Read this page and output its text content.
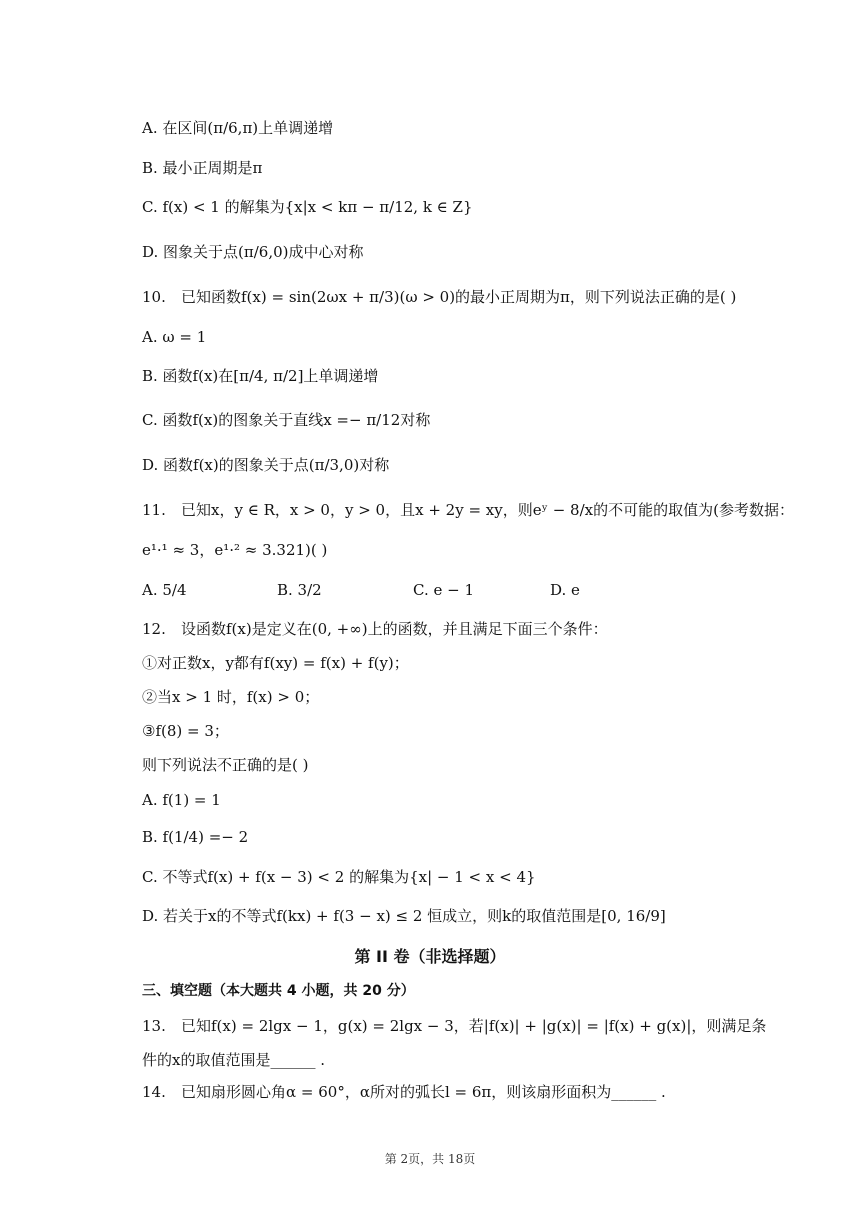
A. 在区间(π/6,π)上单调递增
B. 最小正周期是π
C. f(x) < 1 的解集为{x|x < kπ − π/12, k ∈ Z}
D. 图象关于点(π/6,0)成中心对称
10. 已知函数f(x) = sin(2ωx + π/3)(ω > 0)的最小正周期为π，则下列说法正确的是( )
A. ω = 1
B. 函数f(x)在[π/4, π/2]上单调递增
C. 函数f(x)的图象关于直线x =− π/12对称
D. 函数f(x)的图象关于点(π/3,0)对称
11. 已知x，y ∈ R，x > 0，y > 0，且x + 2y = xy，则eʸ − 8/x的不可能的取值为(参考数据：
e¹·¹ ≈ 3，e¹·² ≈ 3.321)( )
A. 5/4	B. 3/2	C. e − 1	D. e
12. 设函数f(x)是定义在(0, +∞)上的函数，并且满足下面三个条件：
①对正数x，y都有f(xy) = f(x) + f(y)；
②当x > 1 时，f(x) > 0；
③f(8) = 3；
则下列说法不正确的是( )
A. f(1) = 1
B. f(1/4) =− 2
C. 不等式f(x) + f(x − 3) < 2 的解集为{x| − 1 < x < 4}
D. 若关于x的不等式f(kx) + f(3 − x) ≤ 2 恒成立，则k的取值范围是[0, 16/9]
第 II 卷（非选择题）
三、填空题（本大题共 4 小题，共 20 分）
13. 已知f(x) = 2lgx − 1，g(x) = 2lgx − 3，若|f(x)| + |g(x)| = |f(x) + g(x)|，则满足条
件的x的取值范围是______ .
14. 已知扇形圆心角α = 60°，α所对的弧长l = 6π，则该扇形面积为______ .
第 2页，共 18页
